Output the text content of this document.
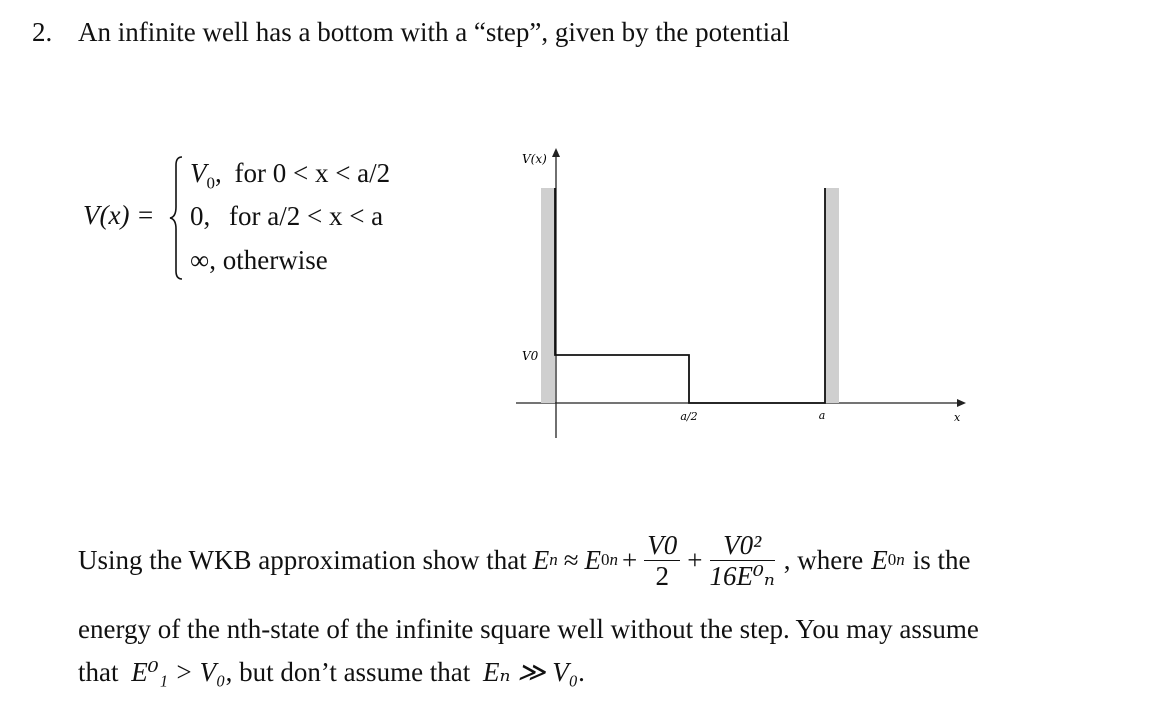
2. An infinite well has a bottom with a “step”, given by the potential
V(x) =
$V_0$, for 0 < x < a/2
0, for a/2 < x < a
∞, otherwise
V(x)
V0
a/2	a	x
Using the WKB approximation show that E n ≈ E 0 $n + \frac{V0}{2} + \frac{\text{V0²}}{\text{16E⁰ₙ}}$ , where E 0 n is the
energy of the nth-state of the infinite square well without the step. You may assume
that E⁰₁ > V₀, but don’t assume that Eₙ ≫ V₀.
